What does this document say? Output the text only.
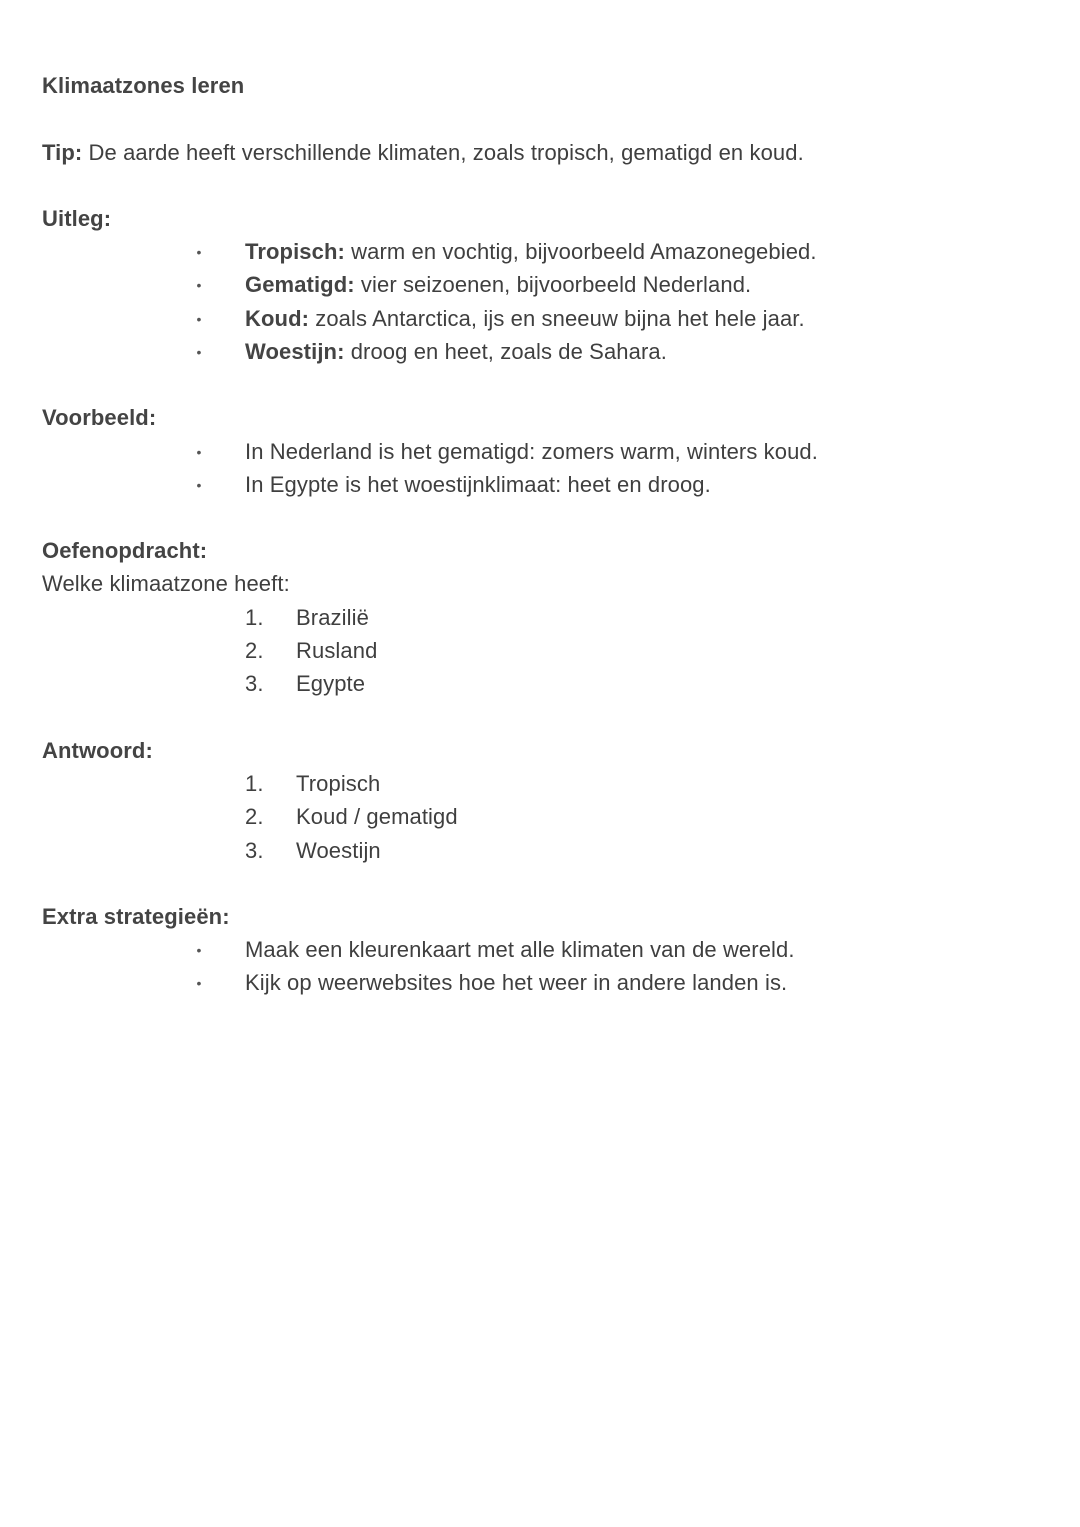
Klimaatzones leren
Tip: De aarde heeft verschillende klimaten, zoals tropisch, gematigd en koud.
Uitleg:
• Tropisch: warm en vochtig, bijvoorbeeld Amazonegebied.
• Gematigd: vier seizoenen, bijvoorbeeld Nederland.
• Koud: zoals Antarctica, ijs en sneeuw bijna het hele jaar.
• Woestijn: droog en heet, zoals de Sahara.
Voorbeeld:
• In Nederland is het gematigd: zomers warm, winters koud.
• In Egypte is het woestijnklimaat: heet en droog.
Oefenopdracht:
Welke klimaatzone heeft:
1. Brazilië
2. Rusland
3. Egypte
Antwoord:
1. Tropisch
2. Koud / gematigd
3. Woestijn
Extra strategieën:
• Maak een kleurenkaart met alle klimaten van de wereld.
• Kijk op weerwebsites hoe het weer in andere landen is.
